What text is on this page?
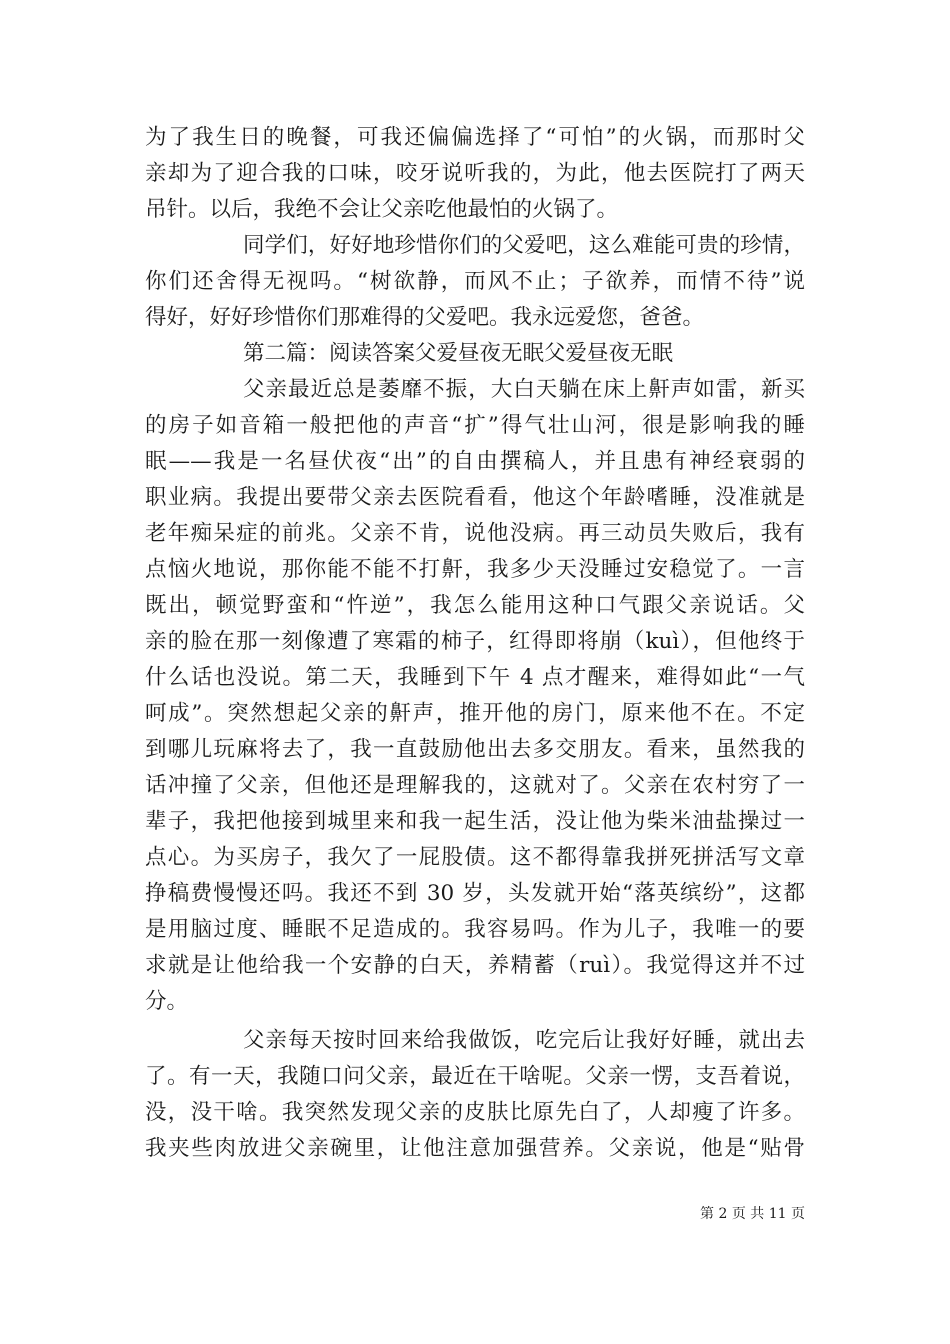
为了我生日的晚餐，可我还偏偏选择了“可怕”的火锅，而那时父
亲却为了迎合我的口味，咬牙说听我的，为此，他去医院打了两天
吊针。以后，我绝不会让父亲吃他最怕的火锅了。
同学们，好好地珍惜你们的父爱吧，这么难能可贵的珍情，
你们还舍得无视吗。“树欲静，而风不止；子欲养，而情不待”说
得好，好好珍惜你们那难得的父爱吧。我永远爱您，爸爸。
第二篇：阅读答案父爱昼夜无眠父爱昼夜无眠
父亲最近总是萎靡不振，大白天躺在床上鼾声如雷，新买
的房子如音箱一般把他的声音“扩”得气壮山河，很是影响我的睡
眠——我是一名昼伏夜“出”的自由撰稿人，并且患有神经衰弱的
职业病。我提出要带父亲去医院看看，他这个年龄嗜睡，没准就是
老年痴呆症的前兆。父亲不肯，说他没病。再三动员失败后，我有
点恼火地说，那你能不能不打鼾，我多少天没睡过安稳觉了。一言
既出，顿觉野蛮和“忤逆”，我怎么能用这种口气跟父亲说话。父
亲的脸在那一刻像遭了寒霜的柿子，红得即将崩（kuì），但他终于
什么话也没说。第二天，我睡到下午 4 点才醒来，难得如此“一气
呵成”。突然想起父亲的鼾声，推开他的房门，原来他不在。不定
到哪儿玩麻将去了，我一直鼓励他出去多交朋友。看来，虽然我的
话冲撞了父亲，但他还是理解我的，这就对了。父亲在农村穷了一
辈子，我把他接到城里来和我一起生活，没让他为柴米油盐操过一
点心。为买房子，我欠了一屁股债。这不都得靠我拼死拼活写文章
挣稿费慢慢还吗。我还不到 30 岁，头发就开始“落英缤纷”，这都
是用脑过度、睡眠不足造成的。我容易吗。作为儿子，我唯一的要
求就是让他给我一个安静的白天，养精蓄（ruì）。我觉得这并不过
分。
父亲每天按时回来给我做饭，吃完后让我好好睡，就出去
了。有一天，我随口问父亲，最近在干啥呢。父亲一愣，支吾着说，
没，没干啥。我突然发现父亲的皮肤比原先白了，人却瘦了许多。
我夹些肉放进父亲碗里，让他注意加强营养。父亲说，他是“贴骨
第 2 页 共 11 页
